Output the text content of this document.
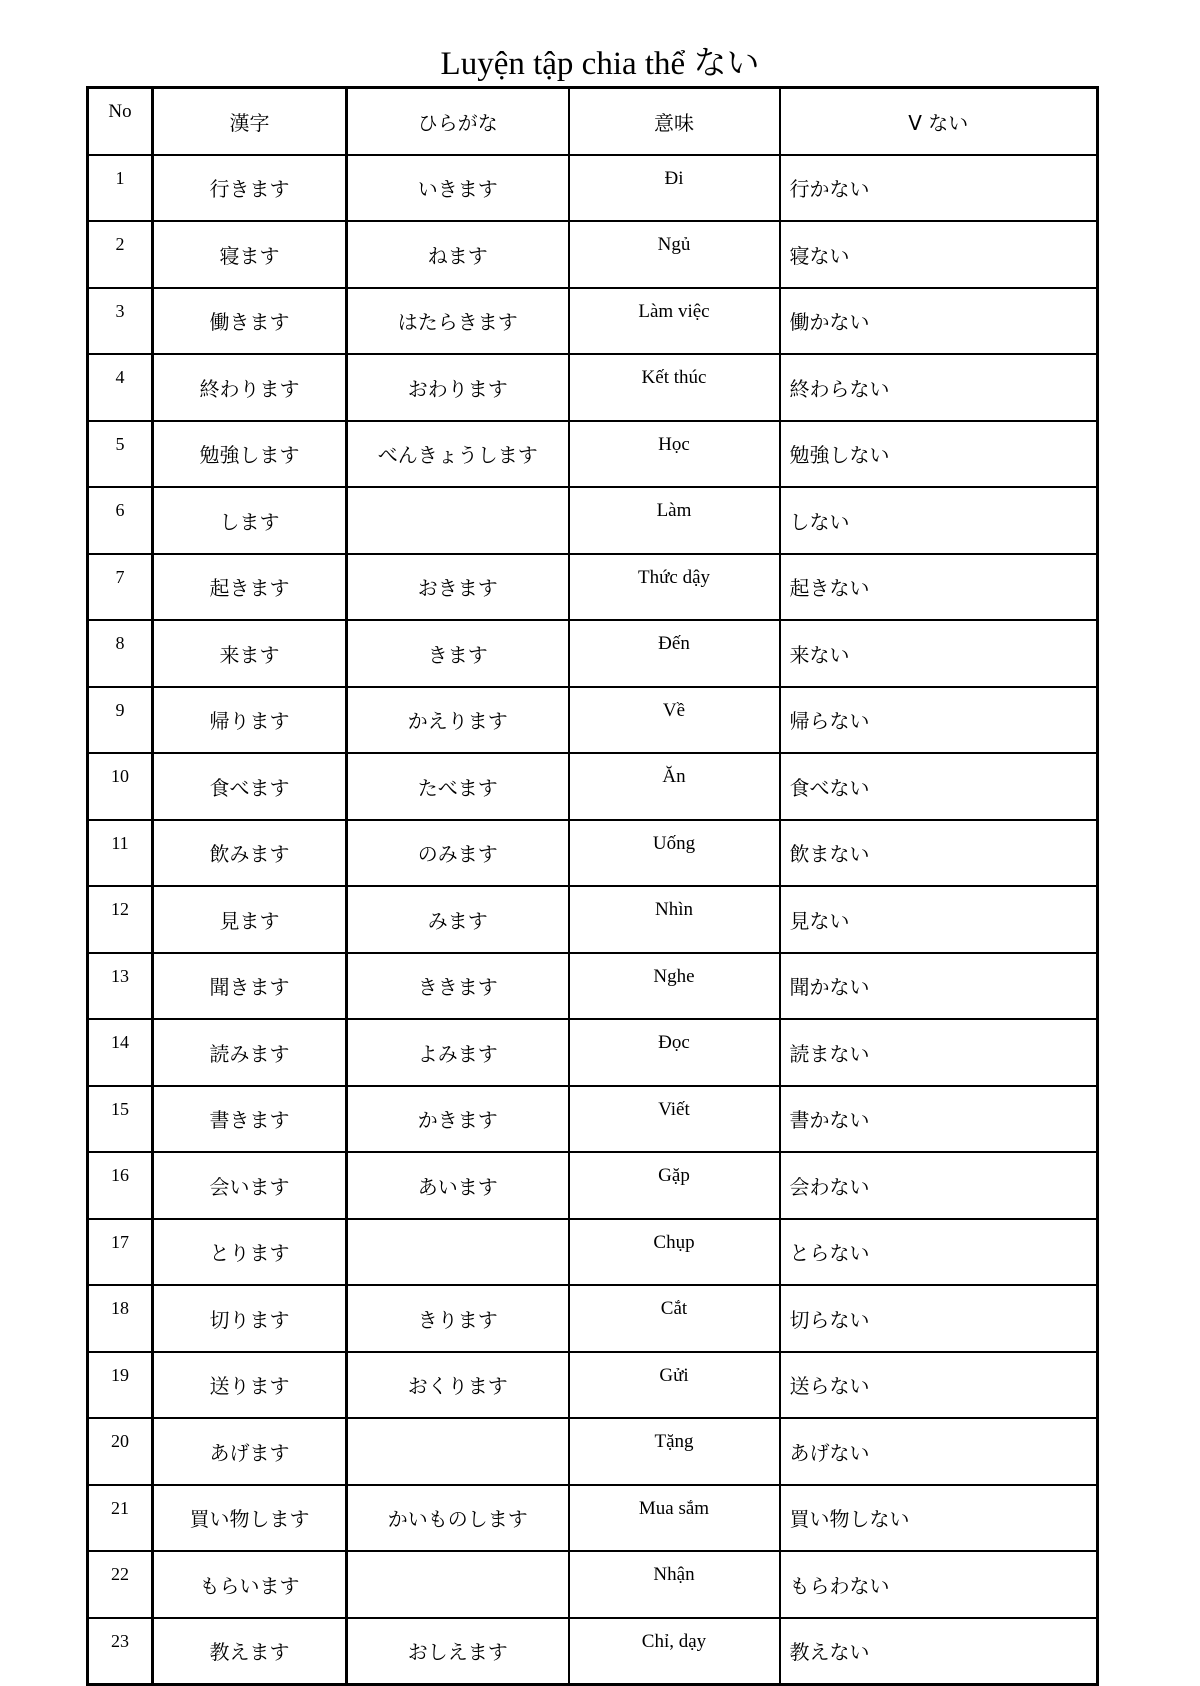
Luyện tập chia thể ない
No	漢字	ひらがな	意味	V ない
1	行きます	いきます	Đi	行かない
2	寝ます	ねます	Ngủ	寝ない
3	働きます	はたらきます	Làm việc	働かない
4	終わります	おわります	Kết thúc	終わらない
5	勉強します	べんきょうします	Học	勉強しない
6	します		Làm	しない
7	起きます	おきます	Thức dậy	起きない
8	来ます	きます	Đến	来ない
9	帰ります	かえります	Về	帰らない
10	食べます	たべます	Ăn	食べない
11	飲みます	のみます	Uống	飲まない
12	見ます	みます	Nhìn	見ない
13	聞きます	ききます	Nghe	聞かない
14	読みます	よみます	Đọc	読まない
15	書きます	かきます	Viết	書かない
16	会います	あいます	Gặp	会わない
17	とります		Chụp	とらない
18	切ります	きります	Cắt	切らない
19	送ります	おくります	Gửi	送らない
20	あげます		Tặng	あげない
21	買い物します	かいものします	Mua sắm	買い物しない
22	もらいます		Nhận	もらわない
23	教えます	おしえます	Chỉ, dạy	教えない
